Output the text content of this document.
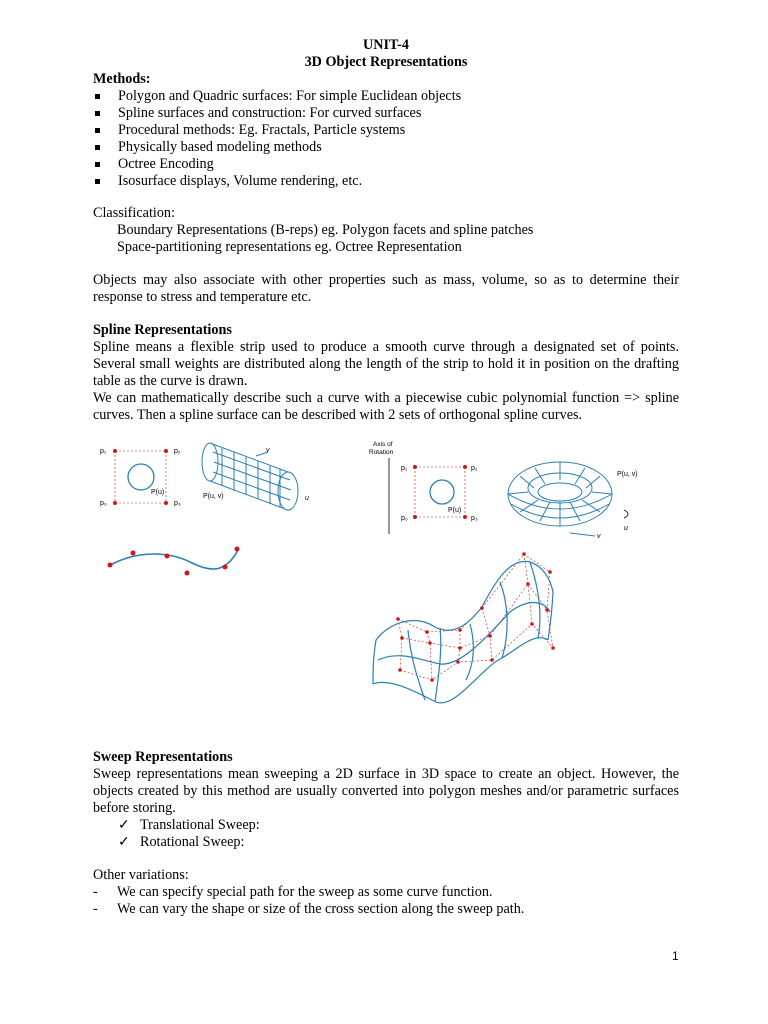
UNIT-4
3D Object Representations
Methods:
Polygon and Quadric surfaces: For simple Euclidean objects
Spline surfaces and construction: For curved surfaces
Procedural methods: Eg. Fractals, Particle systems
Physically based modeling methods
Octree Encoding
Isosurface displays, Volume rendering, etc.
Classification:
Boundary Representations (B-reps) eg. Polygon facets and spline patches
Space-partitioning representations eg. Octree Representation
Objects may also associate with other properties such as mass, volume, so as to determine their response to stress and temperature etc.
Spline Representations
Spline means a flexible strip used to produce a smooth curve through a designated set of points. Several small weights are distributed along the length of the strip to hold it in position on the drafting table as the curve is drawn.
We can mathematically describe such a curve with a piecewise cubic polynomial function => spline curves. Then a spline surface can be described with 2 sets of orthogonal spline curves.
p₁	p₂
p₀	p₃
P(u)
v
u
P(u, v)
Axis of
Rotation
p₁	p₂
p₀	p₃
P(u)
P(u, v)
u
v
Sweep Representations
Sweep representations mean sweeping a 2D surface in 3D space to create an object. However, the objects created by this method are usually converted into polygon meshes and/or parametric surfaces before storing.
✓ Translational Sweep:
✓ Rotational Sweep:
Other variations:
- We can specify special path for the sweep as some curve function.
- We can vary the shape or size of the cross section along the sweep path.
1
